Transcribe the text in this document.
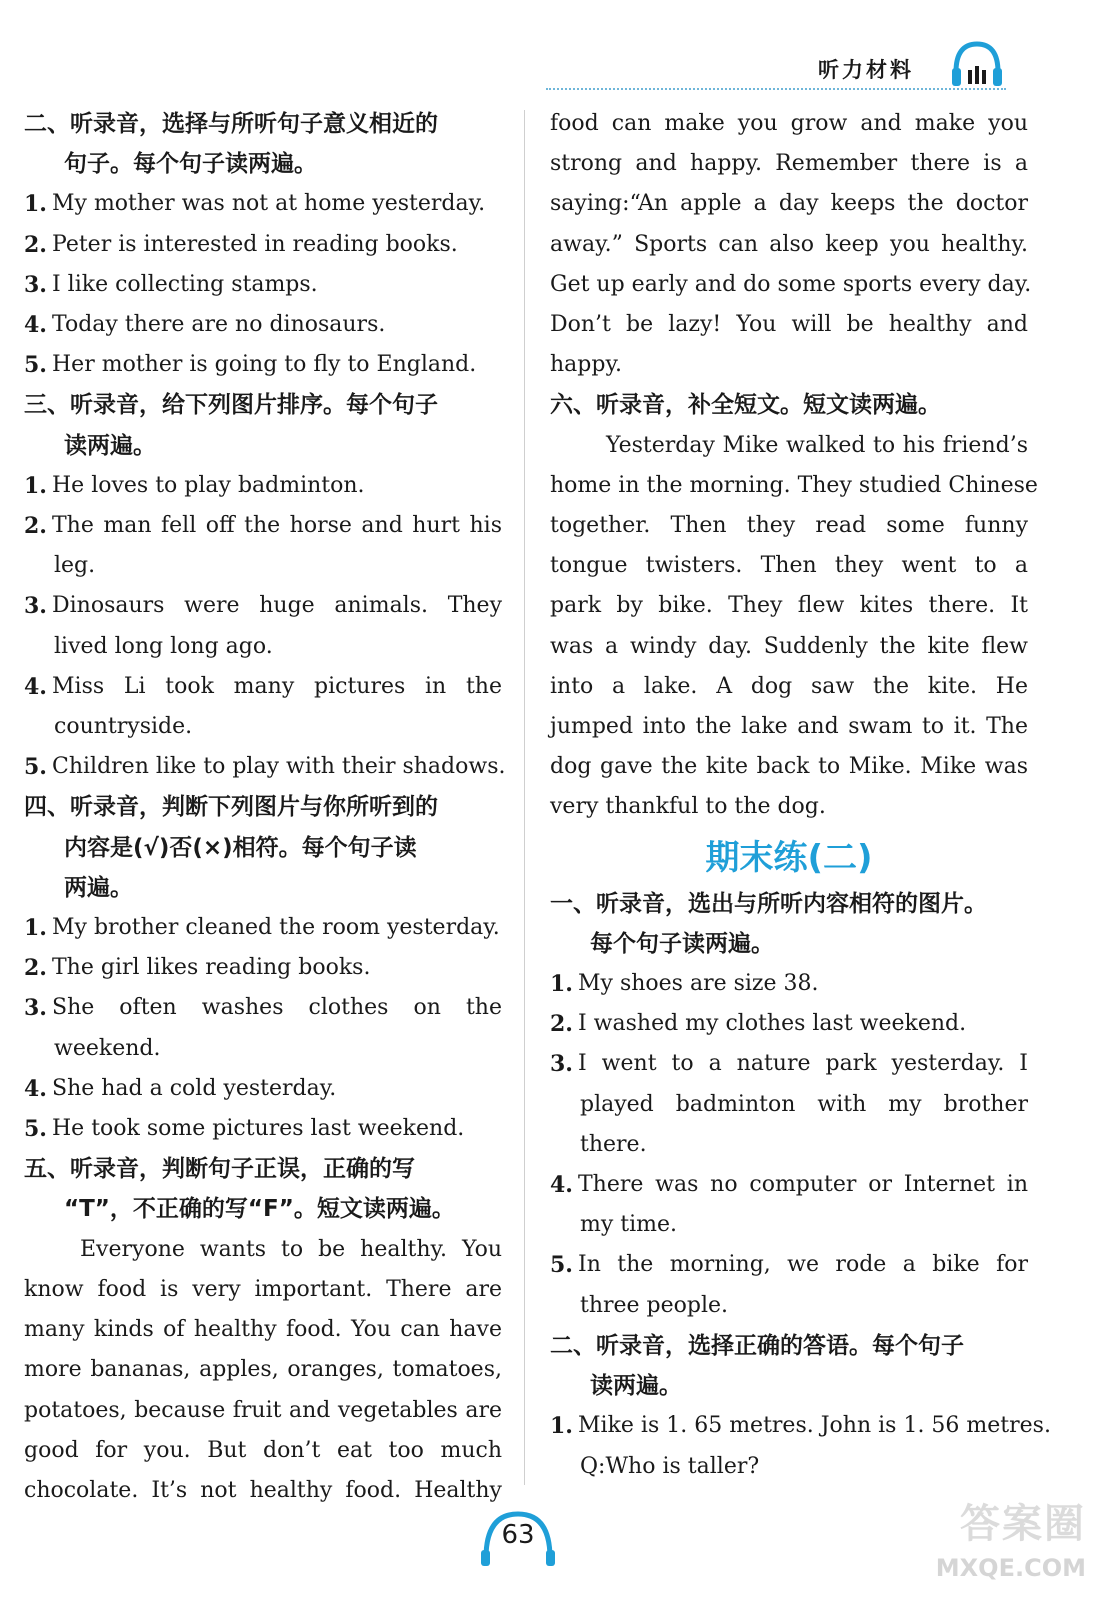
听力材料
二、听录音，选择与所听句子意义相近的
句子。每个句子读两遍。
1. My mother was not at home yesterday.
2. Peter is interested in reading books.
3. I like collecting stamps.
4. Today there are no dinosaurs.
5. Her mother is going to fly to England.
三、听录音，给下列图片排序。每个句子
读两遍。
1. He loves to play badminton.
2. The man fell off the horse and hurt his
leg.
3. Dinosaurs were huge animals. They
lived long long ago.
4. Miss Li took many pictures in the
countryside.
5. Children like to play with their shadows.
四、听录音，判断下列图片与你所听到的
内容是(√)否(×)相符。每个句子读
两遍。
1. My brother cleaned the room yesterday.
2. The girl likes reading books.
3. She often washes clothes on the
weekend.
4. She had a cold yesterday.
5. He took some pictures last weekend.
五、听录音，判断句子正误，正确的写
“T”，不正确的写“F”。短文读两遍。
Everyone wants to be healthy. You
know food is very important. There are
many kinds of healthy food. You can have
more bananas, apples, oranges, tomatoes,
potatoes, because fruit and vegetables are
good for you. But don’t eat too much
chocolate. It’s not healthy food. Healthy
food can make you grow and make you
strong and happy. Remember there is a
saying:“An apple a day keeps the doctor
away.” Sports can also keep you healthy.
Get up early and do some sports every day.
Don’t be lazy! You will be healthy and
happy.
六、听录音，补全短文。短文读两遍。
Yesterday Mike walked to his friend’s
home in the morning. They studied Chinese
together. Then they read some funny
tongue twisters. Then they went to a
park by bike. They flew kites there. It
was a windy day. Suddenly the kite flew
into a lake. A dog saw the kite. He
jumped into the lake and swam to it. The
dog gave the kite back to Mike. Mike was
very thankful to the dog.
期末练(二)
一、听录音，选出与所听内容相符的图片。
每个句子读两遍。
1. My shoes are size 38.
2. I washed my clothes last weekend.
3. I went to a nature park yesterday. I
played badminton with my brother
there.
4. There was no computer or Internet in
my time.
5. In the morning, we rode a bike for
three people.
二、听录音，选择正确的答语。每个句子
读两遍。
1. Mike is 1. 65 metres. John is 1. 56 metres.
Q:Who is taller?
63	答案圈
MXQE.COM
